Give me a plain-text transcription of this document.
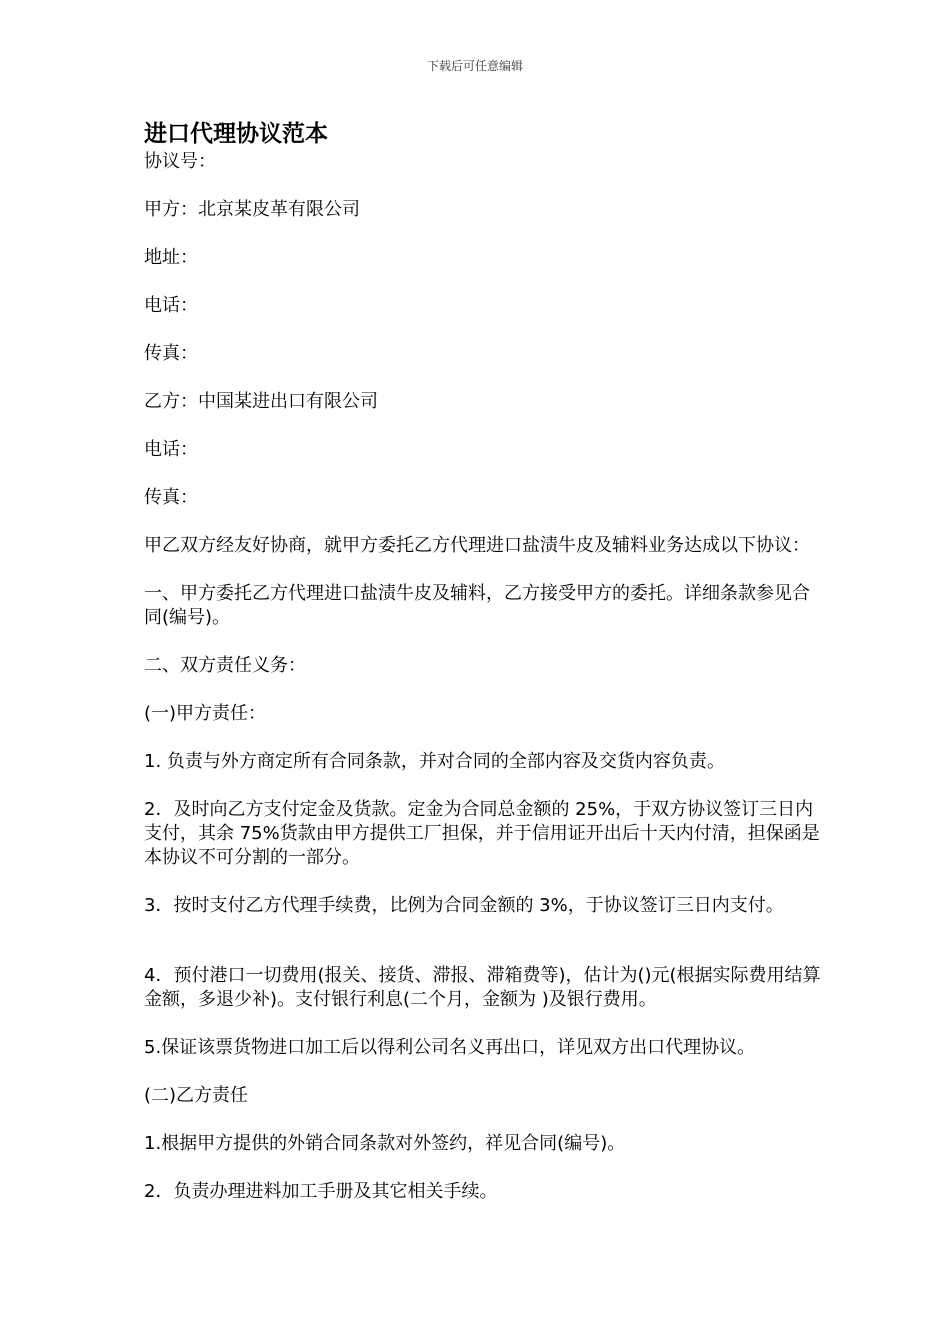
下载后可任意编辑
进口代理协议范本

协议号：

甲方：北京某皮革有限公司

地址：

电话：

传真：

乙方：中国某进出口有限公司

电话：

传真：

甲乙双方经友好协商，就甲方委托乙方代理进口盐渍牛皮及辅料业务达成以下协议：

一、甲方委托乙方代理进口盐渍牛皮及辅料，乙方接受甲方的委托。详细条款参见合同(编号)。

二、双方责任义务：

(一)甲方责任：

1. 负责与外方商定所有合同条款，并对合同的全部内容及交货内容负责。

2．及时向乙方支付定金及货款。定金为合同总金额的 25%，于双方协议签订三日内支付，其余 75%货款由甲方提供工厂担保，并于信用证开出后十天内付清，担保函是本协议不可分割的一部分。

3．按时支付乙方代理手续费，比例为合同金额的 3%，于协议签订三日内支付。

4．预付港口一切费用(报关、接货、滞报、滞箱费等)，估计为()元(根据实际费用结算金额，多退少补)。支付银行利息(二个月，金额为 )及银行费用。

5.保证该票货物进口加工后以得利公司名义再出口，详见双方出口代理协议。

(二)乙方责任

1.根据甲方提供的外销合同条款对外签约，祥见合同(编号)。

2．负责办理进料加工手册及其它相关手续。
